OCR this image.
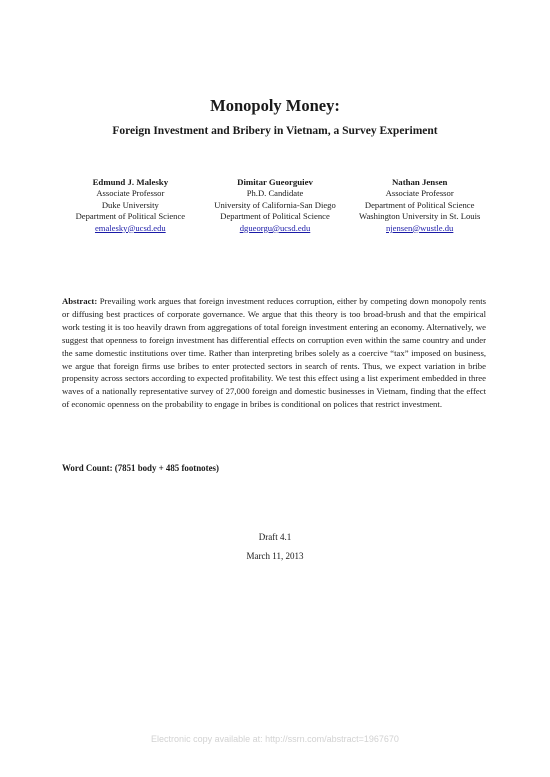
Monopoly Money:
Foreign Investment and Bribery in Vietnam, a Survey Experiment
Edmund J. Malesky
Associate Professor
Duke University
Department of Political Science
emalesky@ucsd.edu
Dimitar Gueorguiev
Ph.D. Candidate
University of California-San Diego
Department of Political Science
dgueorgu@ucsd.edu
Nathan Jensen
Associate Professor
Department of Political Science
Washington University in St. Louis
njensen@wustle.du
Abstract: Prevailing work argues that foreign investment reduces corruption, either by competing down monopoly rents or diffusing best practices of corporate governance. We argue that this theory is too broad-brush and that the empirical work testing it is too heavily drawn from aggregations of total foreign investment entering an economy. Alternatively, we suggest that openness to foreign investment has differential effects on corruption even within the same country and under the same domestic institutions over time. Rather than interpreting bribes solely as a coercive “tax” imposed on business, we argue that foreign firms use bribes to enter protected sectors in search of rents. Thus, we expect variation in bribe propensity across sectors according to expected profitability. We test this effect using a list experiment embedded in three waves of a nationally representative survey of 27,000 foreign and domestic businesses in Vietnam, finding that the effect of economic openness on the probability to engage in bribes is conditional on polices that restrict investment.
Word Count: (7851 body + 485 footnotes)
Draft 4.1
March 11, 2013
Electronic copy available at: http://ssrn.com/abstract=1967670
